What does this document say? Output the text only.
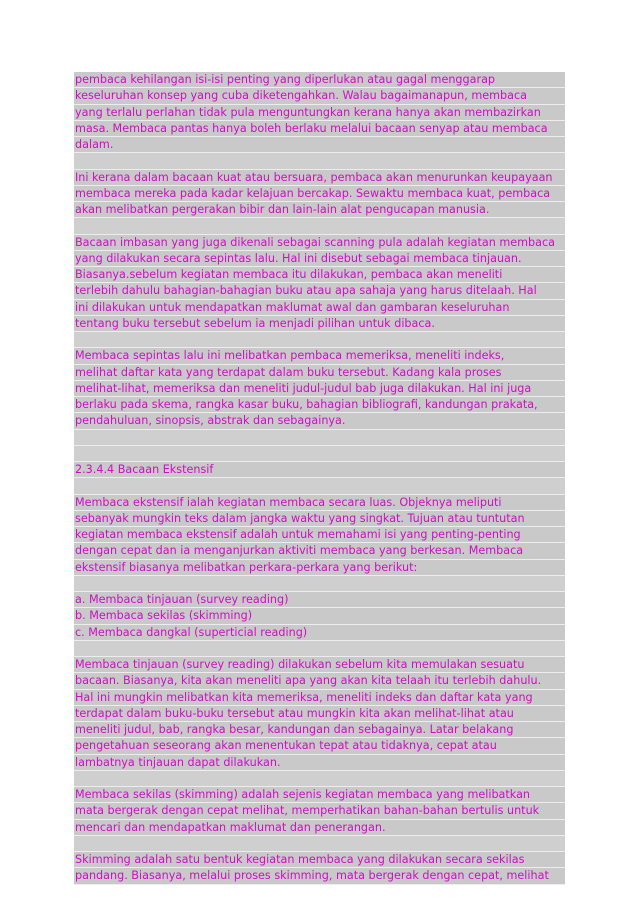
pembaca kehilangan isi-isi penting yang diperlukan atau gagal menggarap
keseluruhan konsep yang cuba diketengahkan. Walau bagaimanapun, membaca
yang terlalu perlahan tidak pula menguntungkan kerana hanya akan membazirkan
masa. Membaca pantas hanya boleh berlaku melalui bacaan senyap atau membaca
dalam.
Ini kerana dalam bacaan kuat atau bersuara, pembaca akan menurunkan keupayaan
membaca mereka pada kadar kelajuan bercakap. Sewaktu membaca kuat, pembaca
akan melibatkan pergerakan bibir dan lain-lain alat pengucapan manusia.
Bacaan imbasan yang juga dikenali sebagai scanning pula adalah kegiatan membaca
yang dilakukan secara sepintas lalu. Hal ini disebut sebagai membaca tinjauan.
Biasanya.sebelum kegiatan membaca itu dilakukan, pembaca akan meneliti
terlebih dahulu bahagian-bahagian buku atau apa sahaja yang harus ditelaah. Hal
ini dilakukan untuk mendapatkan maklumat awal dan gambaran keseluruhan
tentang buku tersebut sebelum ia menjadi pilihan untuk dibaca.
Membaca sepintas lalu ini melibatkan pembaca memeriksa, meneliti indeks,
melihat daftar kata yang terdapat dalam buku tersebut. Kadang kala proses
melihat-lihat, memeriksa dan meneliti judul-judul bab juga dilakukan. Hal ini juga
berlaku pada skema, rangka kasar buku, bahagian bibliografi, kandungan prakata,
pendahuluan, sinopsis, abstrak dan sebagainya.
2.3.4.4 Bacaan Ekstensif
Membaca ekstensif ialah kegiatan membaca secara luas. Objeknya meliputi
sebanyak mungkin teks dalam jangka waktu yang singkat. Tujuan atau tuntutan
kegiatan membaca ekstensif adalah untuk memahami isi yang penting-penting
dengan cepat dan ia menganjurkan aktiviti membaca yang berkesan. Membaca
ekstensif biasanya melibatkan perkara-perkara yang berikut:
a. Membaca tinjauan (survey reading)
b. Membaca sekilas (skimming)
c. Membaca dangkal (superticial reading)
Membaca tinjauan (survey reading) dilakukan sebelum kita memulakan sesuatu
bacaan. Biasanya, kita akan meneliti apa yang akan kita telaah itu terlebih dahulu.
Hal ini mungkin melibatkan kita memeriksa, meneliti indeks dan daftar kata yang
terdapat dalam buku-buku tersebut atau mungkin kita akan melihat-lihat atau
meneliti judul, bab, rangka besar, kandungan dan sebagainya. Latar belakang
pengetahuan seseorang akan menentukan tepat atau tidaknya, cepat atau
lambatnya tinjauan dapat dilakukan.
Membaca sekilas (skimming) adalah sejenis kegiatan membaca yang melibatkan
mata bergerak dengan cepat melihat, memperhatikan bahan-bahan bertulis untuk
mencari dan mendapatkan maklumat dan penerangan.
Skimming adalah satu bentuk kegiatan membaca yang dilakukan secara sekilas
pandang. Biasanya, melalui proses skimming, mata bergerak dengan cepat, melihat
